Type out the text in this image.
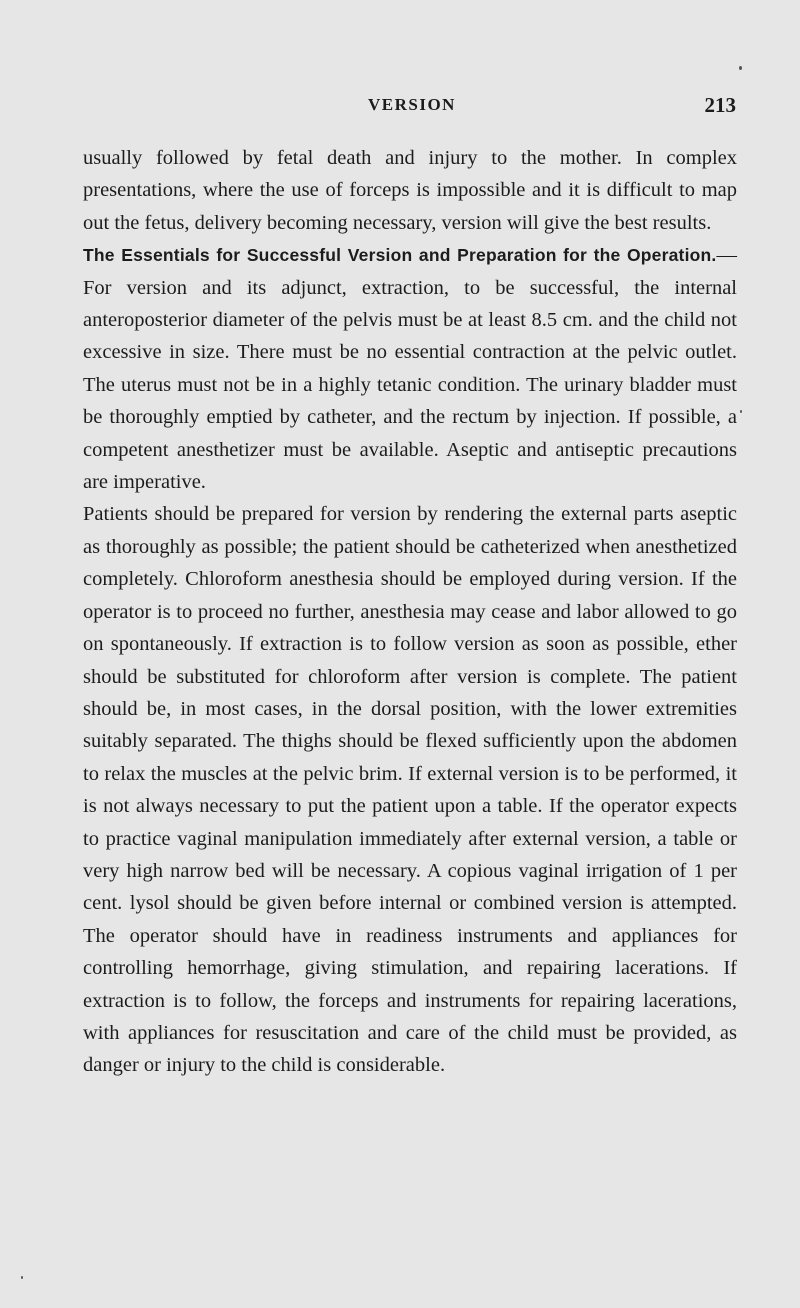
VERSION	213

usually followed by fetal death and injury to the mother. In complex presentations, where the use of forceps is impossible and it is difficult to map out the fetus, delivery becoming necessary, version will give the best results.

The Essentials for Successful Version and Preparation for the Operation.—For version and its adjunct, extraction, to be successful, the internal anteroposterior diameter of the pelvis must be at least 8.5 cm. and the child not excessive in size. There must be no essential contraction at the pelvic outlet. The uterus must not be in a highly tetanic condition. The urinary bladder must be thoroughly emptied by catheter, and the rectum by injection. If possible, a competent anesthetizer must be available. Aseptic and antiseptic precautions are imperative.

Patients should be prepared for version by rendering the external parts aseptic as thoroughly as possible; the patient should be catheterized when anesthetized completely. Chloroform anesthesia should be employed during version. If the operator is to proceed no further, anesthesia may cease and labor allowed to go on spontaneously. If extraction is to follow version as soon as possible, ether should be substituted for chloroform after version is complete. The patient should be, in most cases, in the dorsal position, with the lower extremities suitably separated. The thighs should be flexed sufficiently upon the abdomen to relax the muscles at the pelvic brim. If external version is to be performed, it is not always necessary to put the patient upon a table. If the operator expects to practice vaginal manipulation immediately after external version, a table or very high narrow bed will be necessary. A copious vaginal irrigation of 1 per cent. lysol should be given before internal or combined version is attempted. The operator should have in readiness instruments and appliances for controlling hemorrhage, giving stimulation, and repairing lacerations. If extraction is to follow, the forceps and instruments for repairing lacerations, with appliances for resuscitation and care of the child must be provided, as danger or injury to the child is considerable.
